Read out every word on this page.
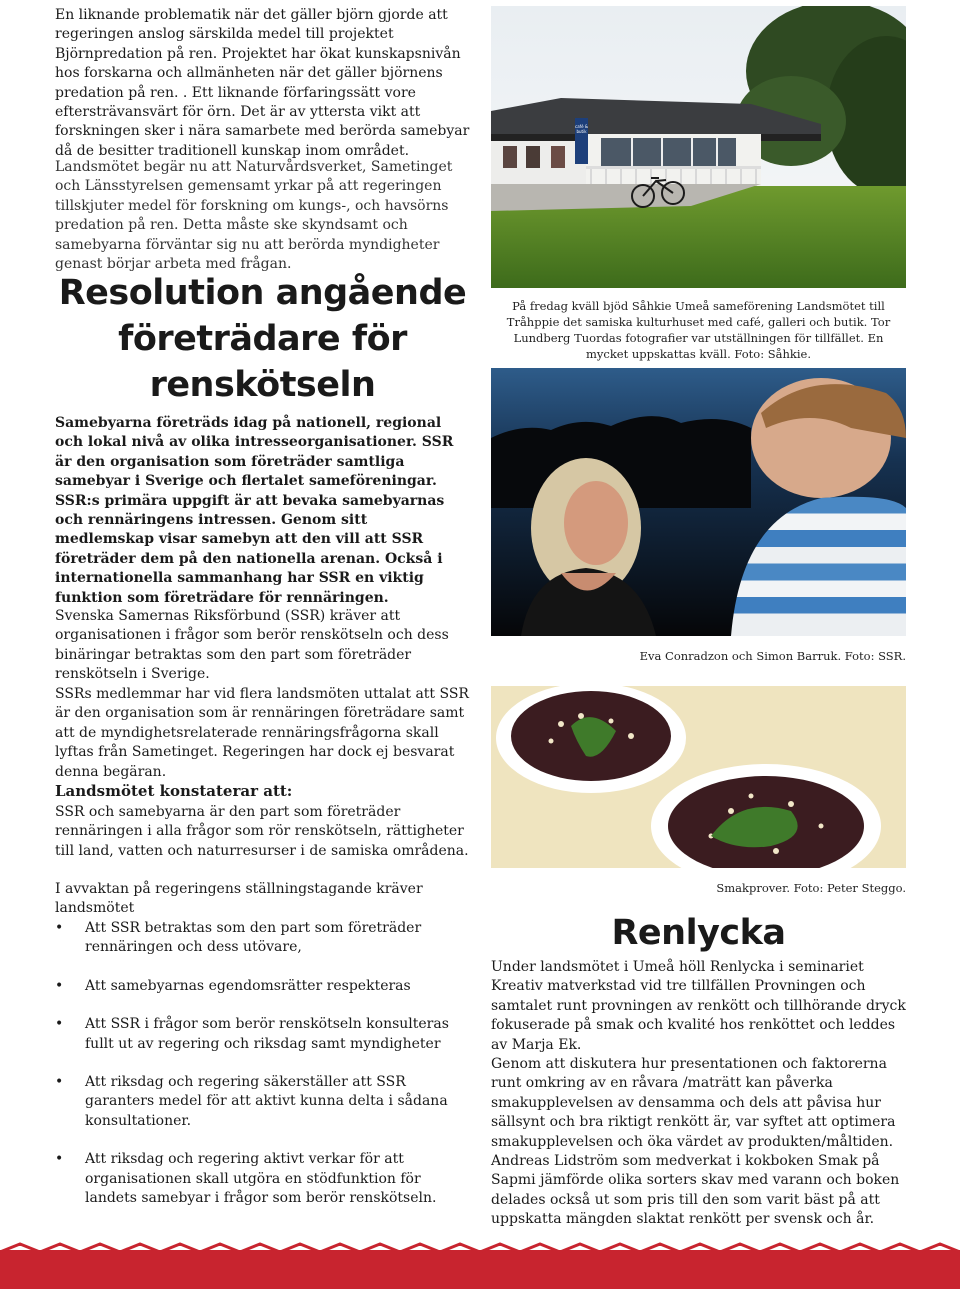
En liknande problematik när det gäller björn gjorde att regeringen anslog särskilda medel till projektet Björnpredation på ren. Projektet har ökat kunskapsnivån hos forskarna och allmänheten när det gäller björnens predation på ren. . Ett liknande förfaringssätt vore eftersträvansvärt för örn. Det är av yttersta vikt att forskningen sker i nära samarbete med berörda samebyar då de besitter traditionell kunskap inom området.

Landsmötet begär nu att Naturvårdsverket, Sametinget och Länsstyrelsen gemensamt yrkar på att regeringen tillskjuter medel för forskning om kungs-, och havsörns predation på ren. Detta måste ske skyndsamt och samebyarna förväntar sig nu att berörda myndigheter genast börjar arbeta med frågan.

Resolution angående företrädare för renskötseln

Samebyarna företräds idag på nationell, regional och lokal nivå av olika intresseorganisationer. SSR är den organisation som företräder samtliga samebyar i Sverige och flertalet sameföreningar. SSR:s primära uppgift är att bevaka samebyarnas och rennäringens intressen. Genom sitt medlemskap visar samebyn att den vill att SSR företräder dem på den nationella arenan. Också i internationella sammanhang har SSR en viktig funktion som företrädare för rennäringen.

Svenska Samernas Riksförbund (SSR) kräver att organisationen i frågor som berör renskötseln och dess binäringar betraktas som den part som företräder renskötseln i Sverige.

SSRs medlemmar har vid flera landsmöten uttalat att SSR är den organisation som är rennäringen företrädare samt att de myndighetsrelaterade rennäringsfrågorna skall lyftas från Sametinget. Regeringen har dock ej besvarat denna begäran.

Landsmötet konstaterar att:

SSR och samebyarna är den part som företräder rennäringen i alla frågor som rör renskötseln, rättigheter till land, vatten och naturresurser i de samiska områdena.

I avvaktan på regeringens ställningstagande kräver landsmötet

• Att SSR betraktas som den part som företräder rennäringen och dess utövare,
• Att samebyarnas egendomsrätter respekteras
• Att SSR i frågor som berör renskötseln konsulteras fullt ut av regering och riksdag samt myndigheter
• Att riksdag och regering säkerställer att SSR garanters medel för att aktivt kunna delta i sådana konsultationer.
• Att riksdag och regering aktivt verkar för att organisationen skall utgöra en stödfunktion för landets samebyar i frågor som berör renskötseln.
café & butik

På fredag kväll bjöd Såhkie Umeå sameförening Landsmötet till Tråhppie det samiska kulturhuset med café, galleri och butik. Tor Lundberg Tuordas fotografier var utställningen för tillfället. En mycket uppskattas kväll. Foto: Såhkie.

Eva Conradzon och Simon Barruk. Foto: SSR.

Smakprover. Foto: Peter Steggo.

Renlycka

Under landsmötet i Umeå höll Renlycka i seminariet Kreativ matverkstad vid tre tillfällen Provningen och samtalet runt provningen av renkött och tillhörande dryck fokuserade på smak och kvalité hos renköttet och leddes av Marja Ek.

Genom att diskutera hur presentationen och faktorerna runt omkring av en råvara /maträtt kan påverka smakupplevelsen av densamma och dels att påvisa hur sällsynt och bra riktigt renkött är, var syftet att optimera smakupplevelsen och öka värdet av produkten/måltiden. Andreas Lidström som medverkat i kokboken Smak på Sapmi jämförde olika sorters skav med varann och boken delades också ut som pris till den som varit bäst på att uppskatta mängden slaktat renkött per svensk och år.
